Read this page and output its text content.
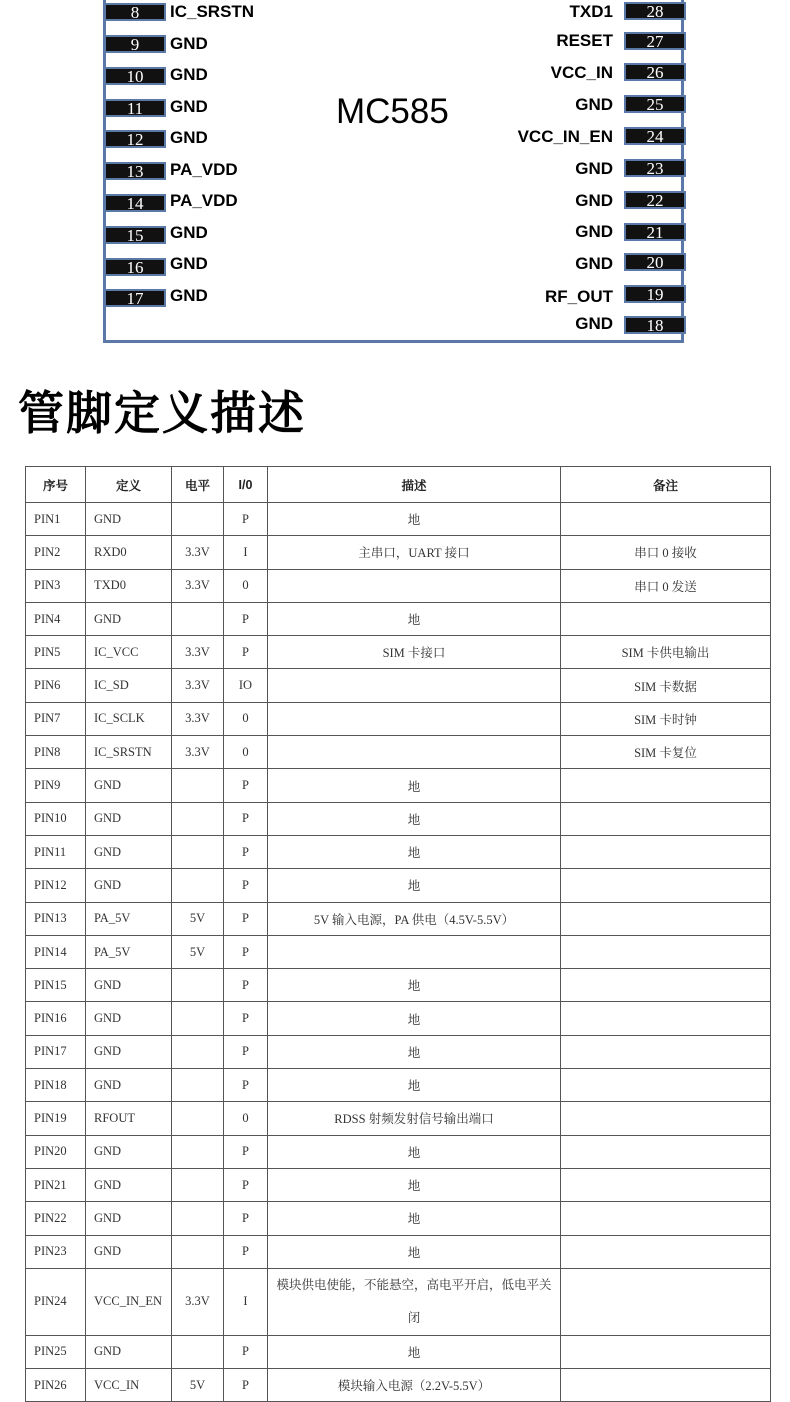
MC585
8	IC_SRSTN
9	GND
10	GND
11	GND
12	GND
13	PA_VDD
14	PA_VDD
15	GND
16	GND
17	GND
28
TXD1
27
RESET
26
VCC_IN
25
GND
24
VCC_IN_EN
23
GND
22
GND
21
GND
20
GND
19
RF_OUT
18
GND
管脚定义描述
序号	定义	电平	I/0	描述	备注
PIN1	GND		P	地	
PIN2	RXD0	3.3V	I	主串口，UART 接口	串口 0 接收
PIN3	TXD0	3.3V	0		串口 0 发送
PIN4	GND		P	地	
PIN5	IC_VCC	3.3V	P	SIM 卡接口	SIM 卡供电输出
PIN6	IC_SD	3.3V	IO		SIM 卡数据
PIN7	IC_SCLK	3.3V	0		SIM 卡时钟
PIN8	IC_SRSTN	3.3V	0		SIM 卡复位
PIN9	GND		P	地	
PIN10	GND		P	地	
PIN11	GND		P	地	
PIN12	GND		P	地	
PIN13	PA_5V	5V	P	5V 输入电源，PA 供电（4.5V-5.5V）	
PIN14	PA_5V	5V	P		
PIN15	GND		P	地	
PIN16	GND		P	地	
PIN17	GND		P	地	
PIN18	GND		P	地	
PIN19	RFOUT		0	RDSS 射频发射信号输出端口	
PIN20	GND		P	地	
PIN21	GND		P	地	
PIN22	GND		P	地	
PIN23	GND		P	地	
PIN24	VCC_IN_EN	3.3V	I	模块供电使能，不能悬空，高电平开启，低电平关闭	
PIN25	GND		P	地	
PIN26	VCC_IN	5V	P	模块输入电源（2.2V-5.5V）	
